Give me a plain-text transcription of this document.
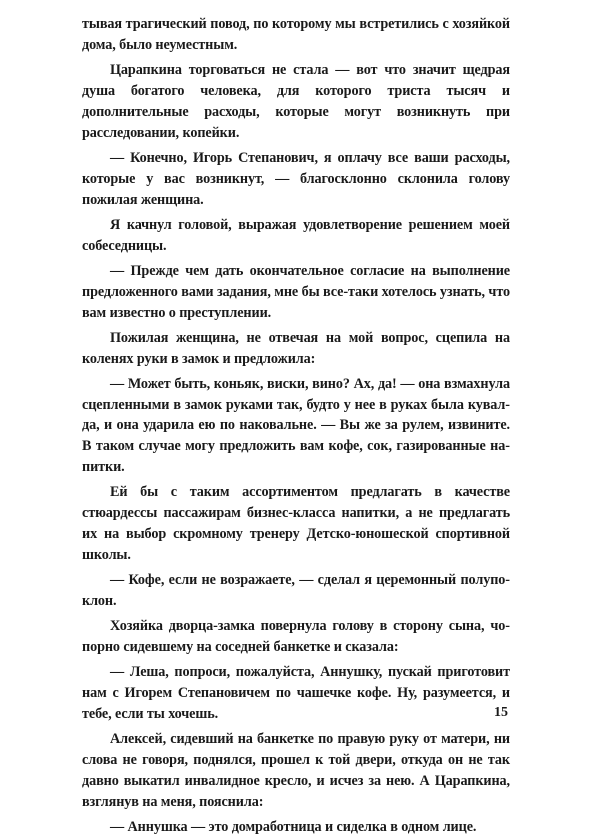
тывая трагический повод, по которому мы встретились с хозяйкой дома, было неуместным.

Царапкина торговаться не стала — вот что значит щедрая душа богатого человека, для которого триста тысяч и дополнительные расходы, которые могут возникнуть при расследовании, копейки.

— Конечно, Игорь Степанович, я оплачу все ваши расходы, которые у вас возникнут, — благосклонно склонила голову пожилая женщина.

Я качнул головой, выражая удовлетворение решением моей собеседницы.

— Прежде чем дать окончательное согласие на выполнение предложенного вами задания, мне бы все-таки хотелось узнать, что вам известно о преступлении.

Пожилая женщина, не отвечая на мой вопрос, сцепила на коленях руки в замок и предложила:

— Может быть, коньяк, виски, вино? Ах, да! — она взмахнула сцепленными в замок руками так, будто у нее в руках была кувалда, и она ударила ею по наковальне. — Вы же за рулем, извините. В таком случае могу предложить вам кофе, сок, газированные напитки.

Ей бы с таким ассортиментом предлагать в качестве стюардессы пассажирам бизнес-класса напитки, а не предлагать их на выбор скромному тренеру Детско-юношеской спортивной школы.

— Кофе, если не возражаете, — сделал я церемонный полупоклон.

Хозяйка дворца-замка повернула голову в сторону сына, чопорно сидевшему на соседней банкетке и сказала:

— Леша, попроси, пожалуйста, Аннушку, пускай приготовит нам с Игорем Степановичем по чашечке кофе. Ну, разумеется, и тебе, если ты хочешь.

Алексей, сидевший на банкетке по правую руку от матери, ни слова не говоря, поднялся, прошел к той двери, откуда он не так давно выкатил инвалидное кресло, и исчез за нею. А Царапкина, взглянув на меня, пояснила:

— Аннушка — это домработница и сиделка в одном лице.

15
